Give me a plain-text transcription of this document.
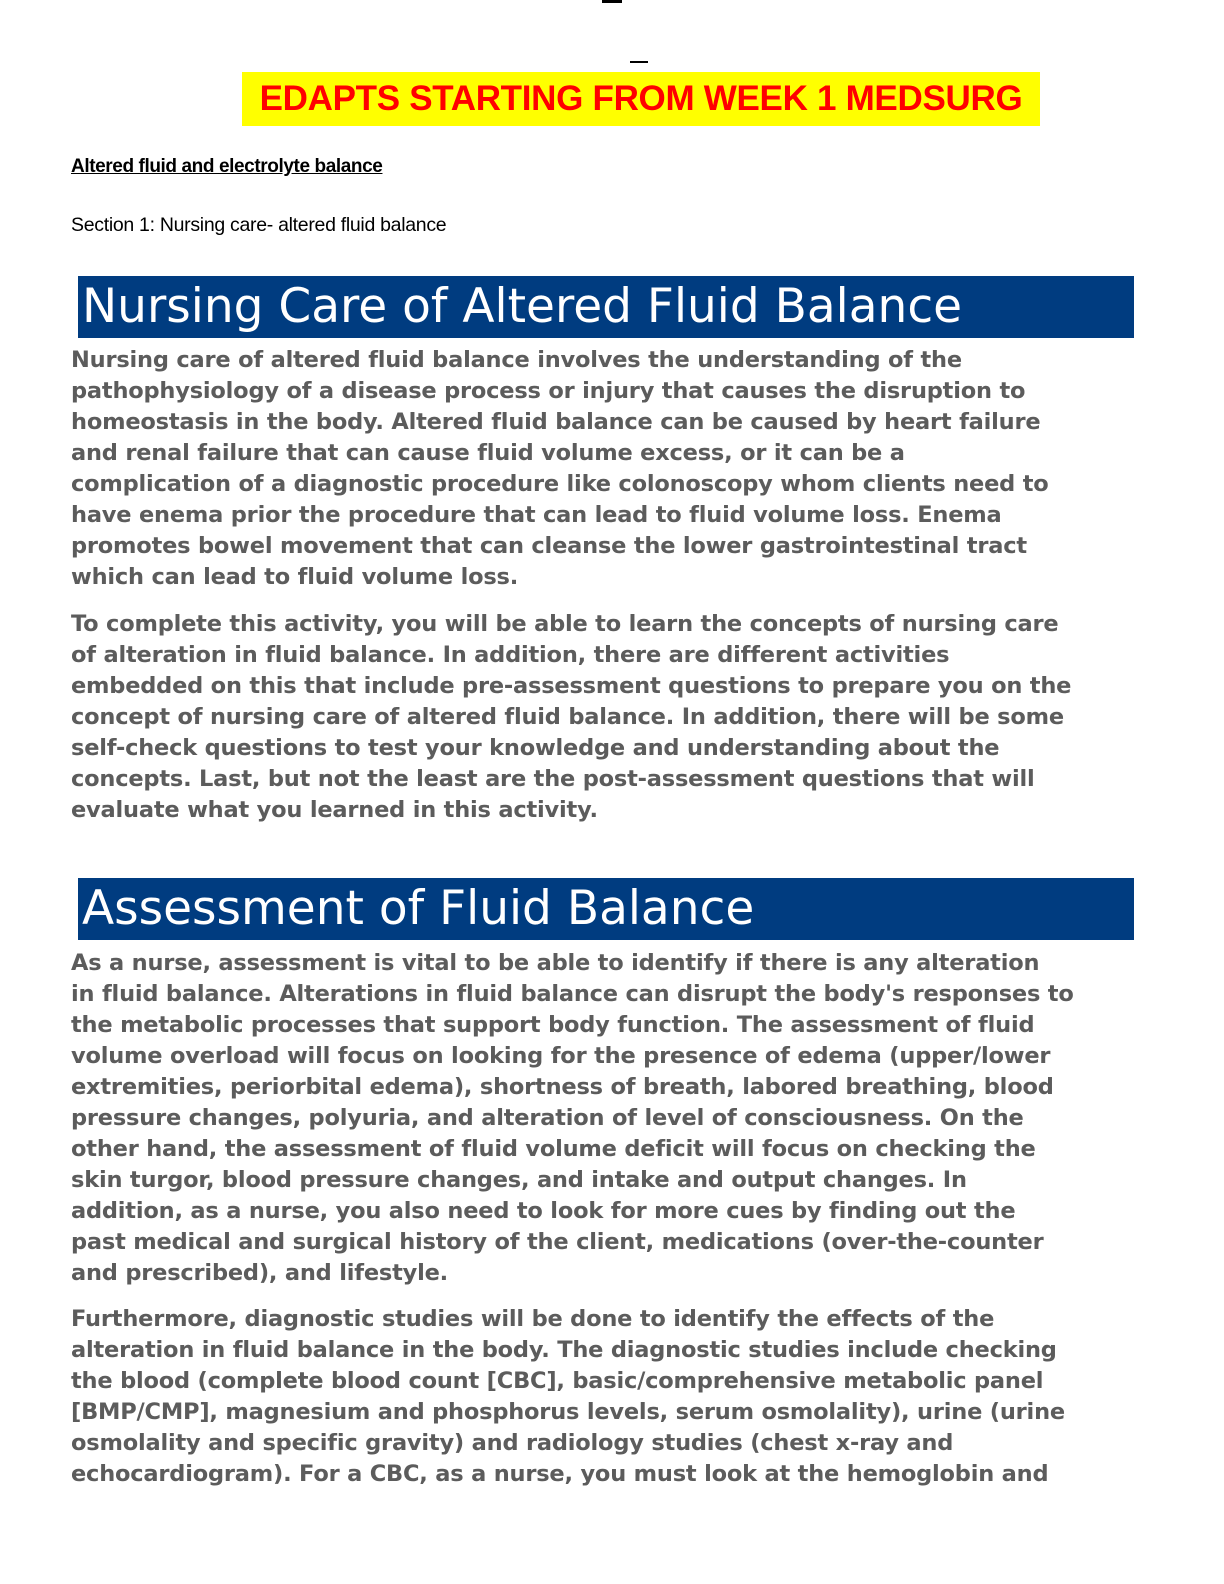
EDAPTS STARTING FROM WEEK 1 MEDSURG
Altered fluid and electrolyte balance
Section 1: Nursing care- altered fluid balance
Nursing Care of Altered Fluid Balance

Nursing care of altered fluid balance involves the understanding of the
pathophysiology of a disease process or injury that causes the disruption to
homeostasis in the body. Altered fluid balance can be caused by heart failure
and renal failure that can cause fluid volume excess, or it can be a
complication of a diagnostic procedure like colonoscopy whom clients need to
have enema prior the procedure that can lead to fluid volume loss. Enema
promotes bowel movement that can cleanse the lower gastrointestinal tract
which can lead to fluid volume loss.

To complete this activity, you will be able to learn the concepts of nursing care
of alteration in fluid balance. In addition, there are different activities
embedded on this that include pre-assessment questions to prepare you on the
concept of nursing care of altered fluid balance. In addition, there will be some
self-check questions to test your knowledge and understanding about the
concepts. Last, but not the least are the post-assessment questions that will
evaluate what you learned in this activity.

Assessment of Fluid Balance

As a nurse, assessment is vital to be able to identify if there is any alteration
in fluid balance. Alterations in fluid balance can disrupt the body's responses to
the metabolic processes that support body function. The assessment of fluid
volume overload will focus on looking for the presence of edema (upper/lower
extremities, periorbital edema), shortness of breath, labored breathing, blood
pressure changes, polyuria, and alteration of level of consciousness. On the
other hand, the assessment of fluid volume deficit will focus on checking the
skin turgor, blood pressure changes, and intake and output changes. In
addition, as a nurse, you also need to look for more cues by finding out the
past medical and surgical history of the client, medications (over-the-counter
and prescribed), and lifestyle.

Furthermore, diagnostic studies will be done to identify the effects of the
alteration in fluid balance in the body. The diagnostic studies include checking
the blood (complete blood count [CBC], basic/comprehensive metabolic panel
[BMP/CMP], magnesium and phosphorus levels, serum osmolality), urine (urine
osmolality and specific gravity) and radiology studies (chest x-ray and
echocardiogram). For a CBC, as a nurse, you must look at the hemoglobin and
